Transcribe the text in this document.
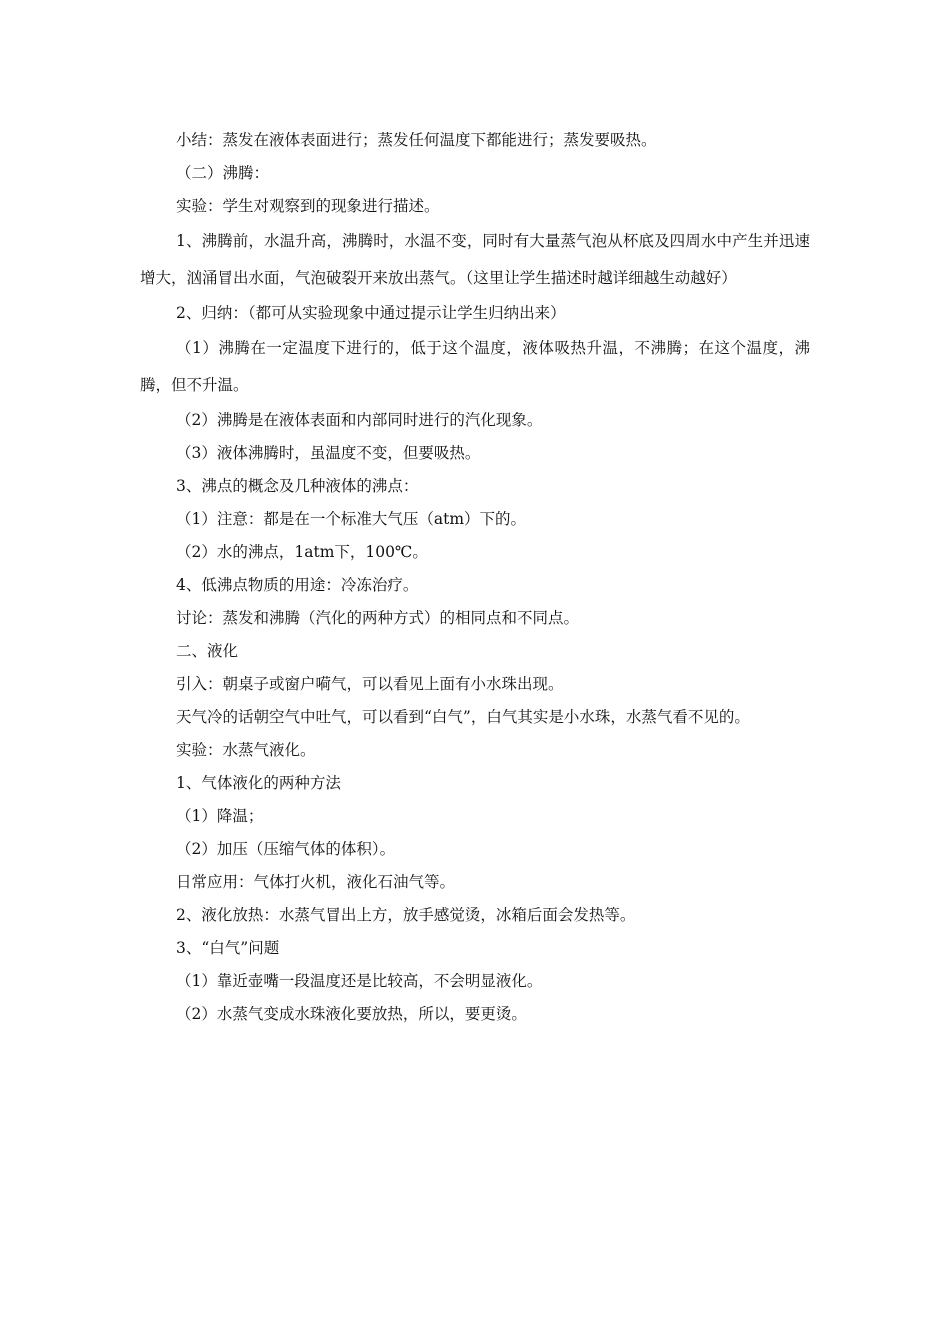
小结：蒸发在液体表面进行；蒸发任何温度下都能进行；蒸发要吸热。

（二）沸腾：

实验：学生对观察到的现象进行描述。

1、沸腾前，水温升高，沸腾时，水温不变，同时有大量蒸气泡从杯底及四周水中产生并迅速增大，汹涌冒出水面，气泡破裂开来放出蒸气。（这里让学生描述时越详细越生动越好）

2、归纳：（都可从实验现象中通过提示让学生归纳出来）

（1）沸腾在一定温度下进行的，低于这个温度，液体吸热升温，不沸腾；在这个温度，沸腾，但不升温。

（2）沸腾是在液体表面和内部同时进行的汽化现象。

（3）液体沸腾时，虽温度不变，但要吸热。

3、沸点的概念及几种液体的沸点：

（1）注意：都是在一个标准大气压（atm）下的。

（2）水的沸点，1atm下，100℃。

4、低沸点物质的用途：冷冻治疗。

讨论：蒸发和沸腾（汽化的两种方式）的相同点和不同点。

二、液化

引入：朝桌子或窗户嗬气，可以看见上面有小水珠出现。

天气冷的话朝空气中吐气，可以看到“白气”，白气其实是小水珠，水蒸气看不见的。

实验：水蒸气液化。

1、气体液化的两种方法

（1）降温；

（2）加压（压缩气体的体积）。

日常应用：气体打火机，液化石油气等。

2、液化放热：水蒸气冒出上方，放手感觉烫，冰箱后面会发热等。

3、“白气”问题

（1）靠近壶嘴一段温度还是比较高，不会明显液化。

（2）水蒸气变成水珠液化要放热，所以，要更烫。
